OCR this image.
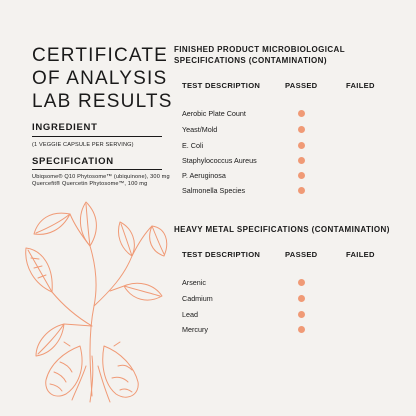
CERTIFICATE
OF ANALYSIS
LAB RESULTS
INGREDIENT
(1 VEGGIE CAPSULE PER SERVING)
SPECIFICATION
Ubiqsome® Q10 Phytosome™ (ubiquinone), 300 mg
Quercefit® Quercetin Phytosome™, 100 mg
FINISHED PRODUCT MICROBIOLOGICAL
SPECIFICATIONS (CONTAMINATION)
TEST DESCRIPTION	PASSED	FAILED
Aerobic Plate Count
Yeast/Mold
E. Coli
Staphylococcus Aureus
P. Aeruginosa
Salmonella Species
HEAVY METAL SPECIFICATIONS (CONTAMINATION)
TEST DESCRIPTION	PASSED	FAILED
Arsenic
Cadmium
Lead
Mercury
